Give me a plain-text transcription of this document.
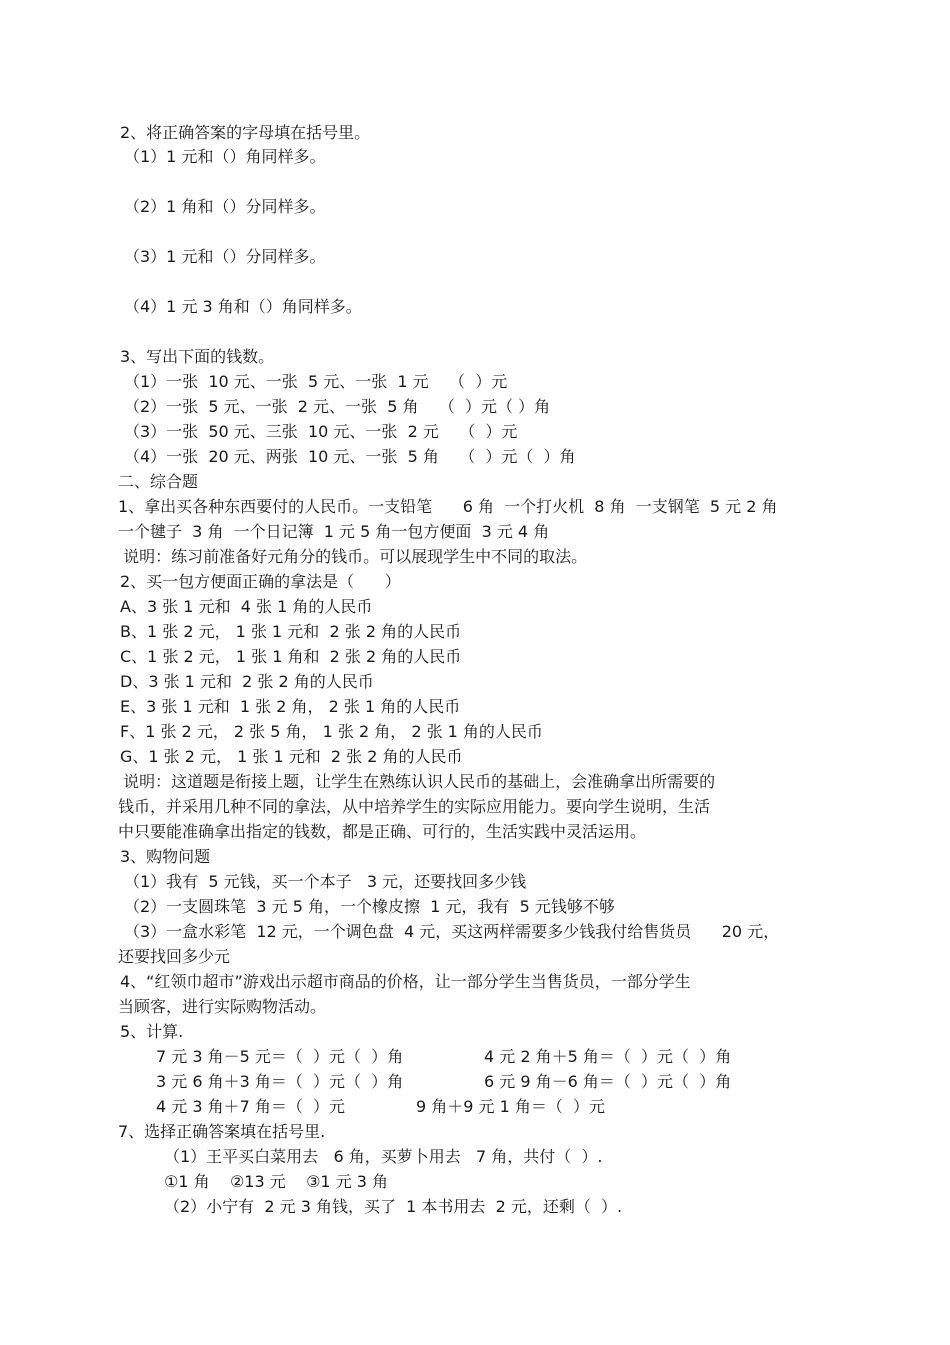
2、将正确答案的字母填在括号里。
（1）1 元和（）角同样多。
（2）1 角和（）分同样多。
（3）1 元和（）分同样多。
（4）1 元 3 角和（）角同样多。
3、写出下面的钱数。
（1）一张  10 元、一张  5 元、一张  1 元    （  ）元
（2）一张  5 元、一张  2 元、一张  5 角    （  ）元（ ）角
（3）一张  50 元、三张  10 元、一张  2 元    （  ）元
（4）一张  20 元、两张  10 元、一张  5 角    （  ）元（  ）角
二、综合题
1、拿出买各种东西要付的人民币。一支铅笔      6 角  一个打火机  8 角  一支钢笔  5 元 2 角
一个毽子  3 角  一个日记簿  1 元 5 角一包方便面  3 元 4 角
说明：练习前准备好元角分的钱币。可以展现学生中不同的取法。
2、买一包方便面正确的拿法是（      ）
A、3 张 1 元和  4 张 1 角的人民币
B、1 张 2 元， 1 张 1 元和  2 张 2 角的人民币
C、1 张 2 元， 1 张 1 角和  2 张 2 角的人民币
D、3 张 1 元和  2 张 2 角的人民币
E、3 张 1 元和  1 张 2 角， 2 张 1 角的人民币
F、1 张 2 元， 2 张 5 角， 1 张 2 角， 2 张 1 角的人民币
G、1 张 2 元， 1 张 1 元和  2 张 2 角的人民币
说明：这道题是衔接上题，让学生在熟练认识人民币的基础上，会准确拿出所需要的
钱币，并采用几种不同的拿法，从中培养学生的实际应用能力。要向学生说明，生活
中只要能准确拿出指定的钱数，都是正确、可行的，生活实践中灵活运用。
3、购物问题
（1）我有  5 元钱，买一个本子   3 元，还要找回多少钱
（2）一支圆珠笔  3 元 5 角，一个橡皮擦  1 元，我有  5 元钱够不够
（3）一盒水彩笔  12 元，一个调色盘  4 元，买这两样需要多少钱我付给售货员      20 元，
还要找回多少元
4、“红领巾超市”游戏出示超市商品的价格，让一部分学生当售货员，一部分学生
当顾客，进行实际购物活动。
5、计算.
7 元 3 角－5 元＝（  ）元（  ）角
3 元 6 角＋3 角＝（  ）元（  ）角
4 元 3 角＋7 角＝（  ）元
4 元 2 角＋5 角＝（  ）元（  ）角
6 元 9 角－6 角＝（  ）元（  ）角
9 角＋9 元 1 角＝（  ）元
7、选择正确答案填在括号里.
（1）王平买白菜用去   6 角，买萝卜用去   7 角，共付（  ）.
①1 角    ②13 元    ③1 元 3 角
（2）小宁有  2 元 3 角钱，买了  1 本书用去  2 元，还剩（  ）.
